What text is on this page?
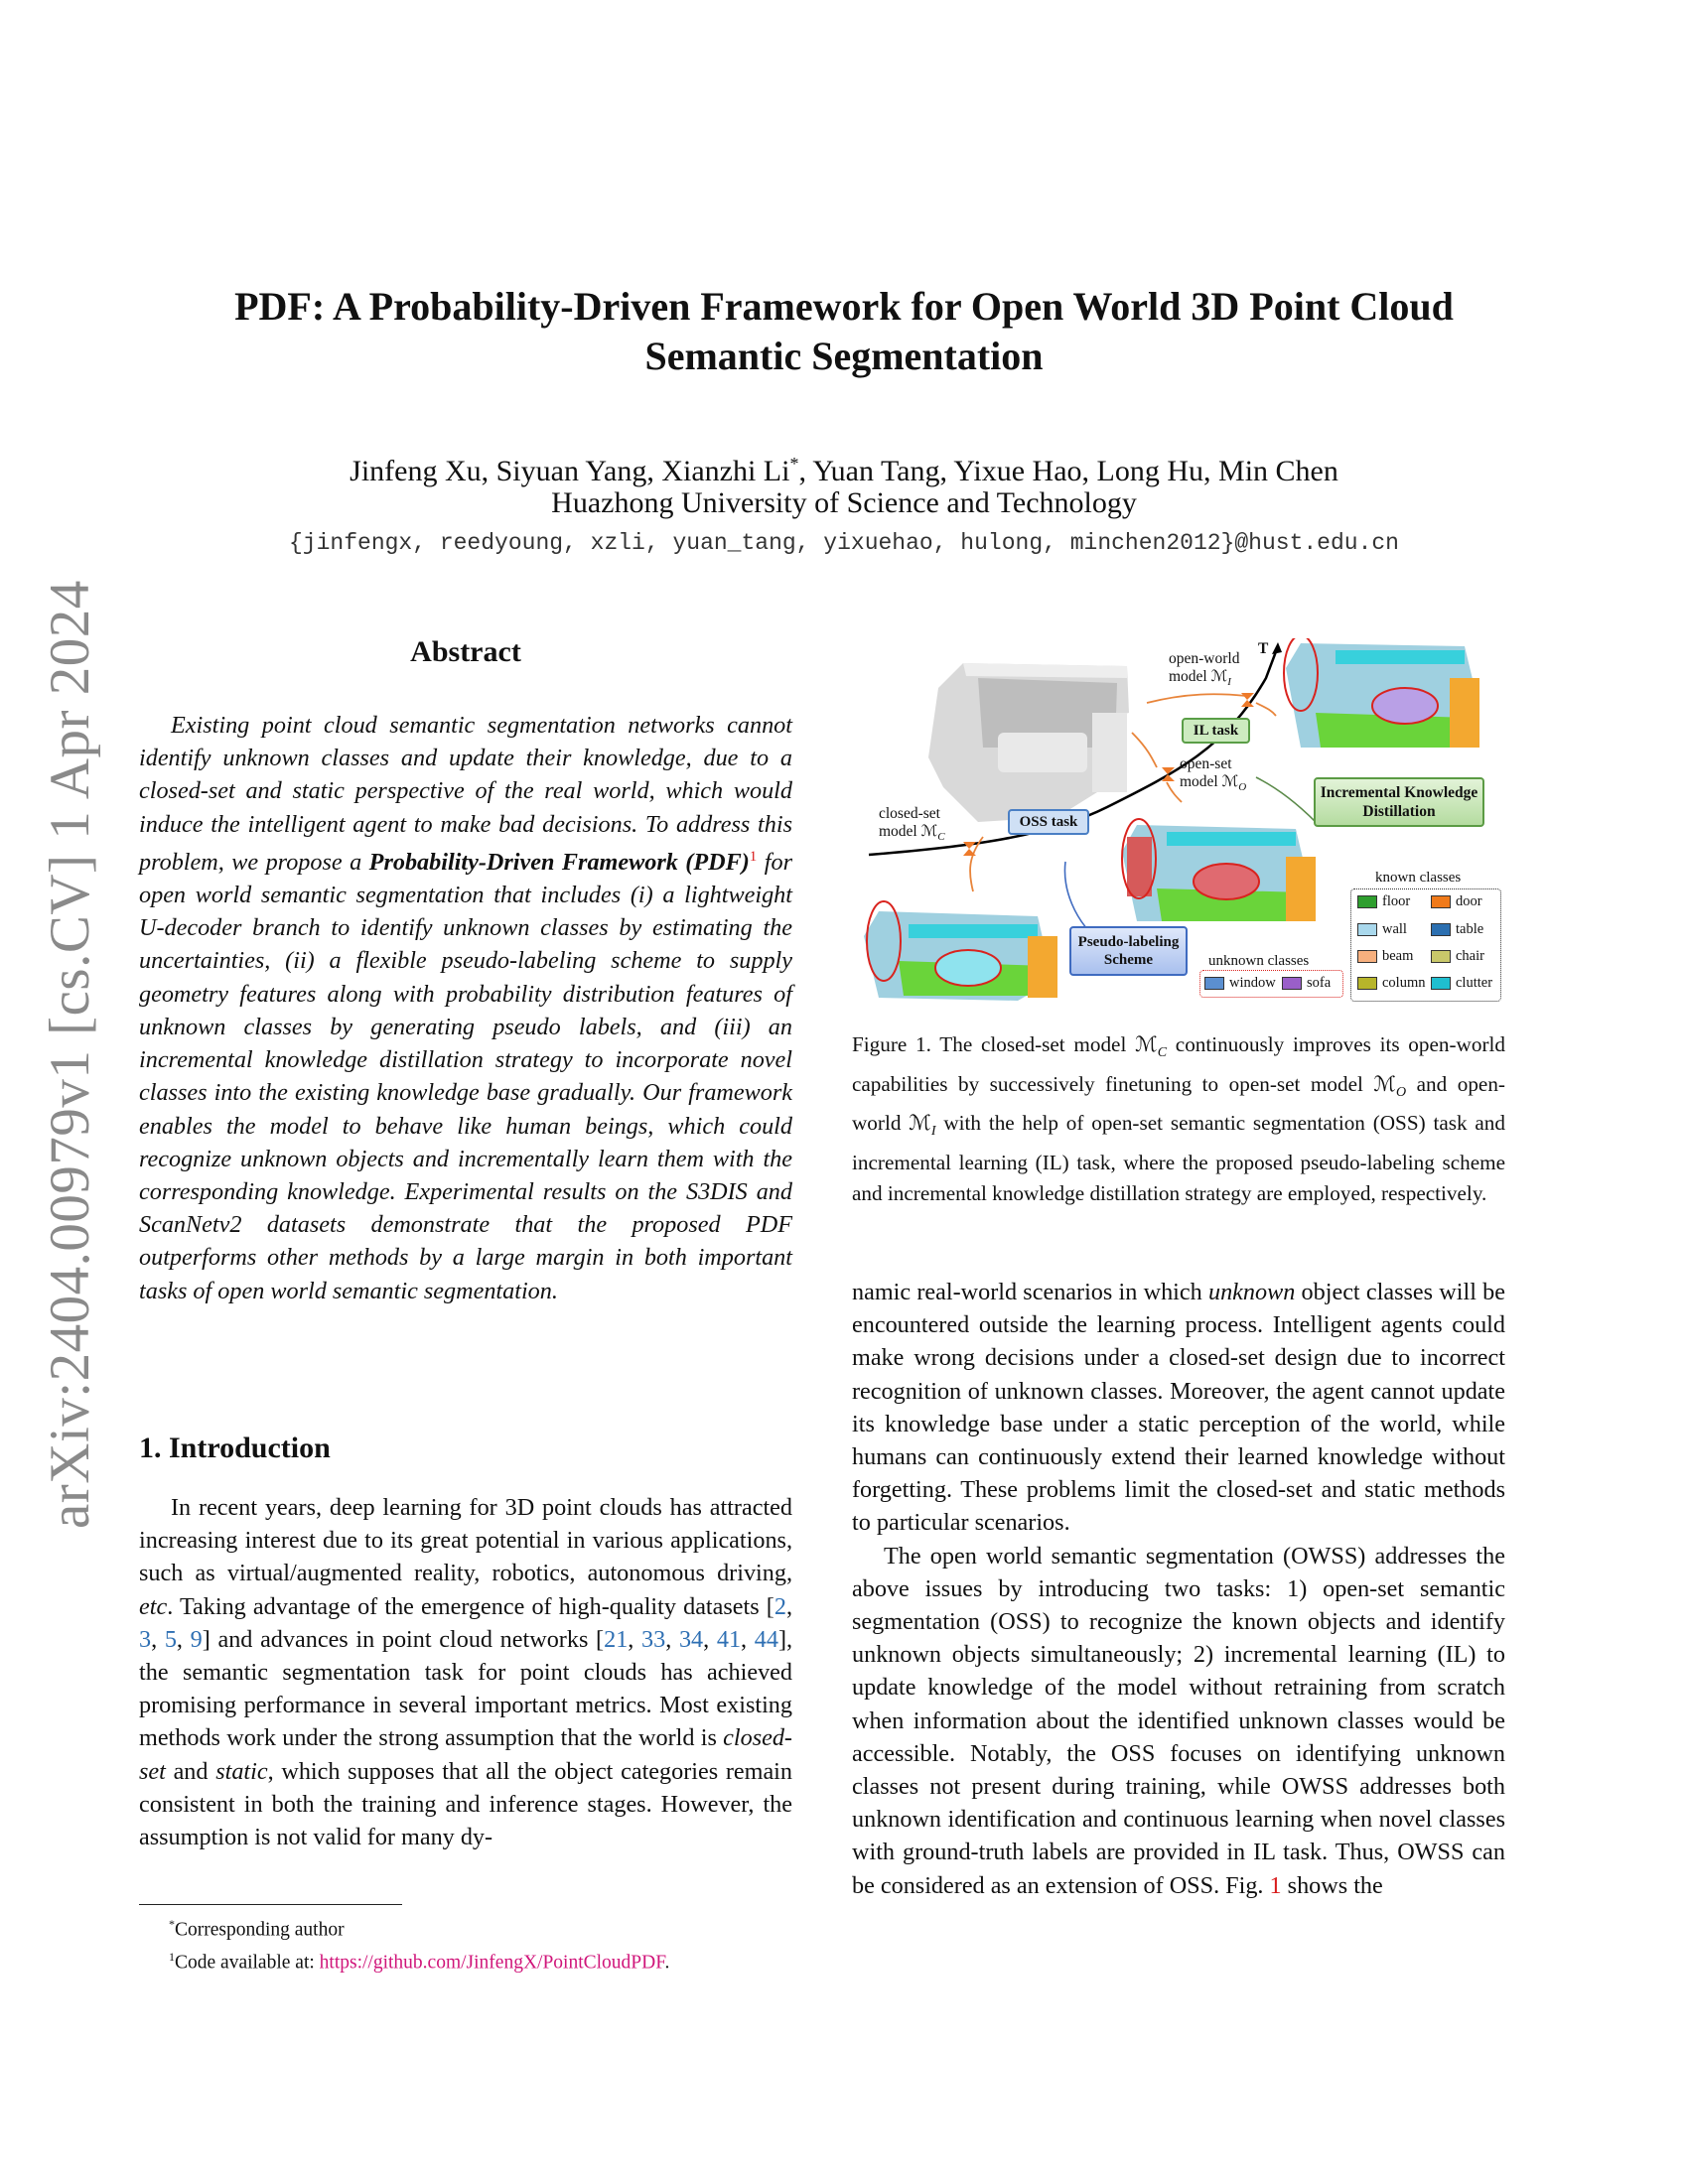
arXiv:2404.00979v1 [cs.CV] 1 Apr 2024
PDF: A Probability-Driven Framework for Open World 3D Point Cloud
Semantic Segmentation
Jinfeng Xu, Siyuan Yang, Xianzhi Li*, Yuan Tang, Yixue Hao, Long Hu, Min Chen
Huazhong University of Science and Technology
{jinfengx, reedyoung, xzli, yuan_tang, yixuehao, hulong, minchen2012}@hust.edu.cn
Abstract
Existing point cloud semantic segmentation networks cannot identify unknown classes and update their knowledge, due to a closed-set and static perspective of the real world, which would induce the intelligent agent to make bad decisions. To address this problem, we propose a Probability-Driven Framework (PDF)$^1$ for open world semantic segmentation that includes (i) a lightweight U-decoder branch to identify unknown classes by estimating the uncertainties, (ii) a flexible pseudo-labeling scheme to supply geometry features along with probability distribution features of unknown classes by generating pseudo labels, and (iii) an incremental knowledge distillation strategy to incorporate novel classes into the existing knowledge base gradually. Our framework enables the model to behave like human beings, which could recognize unknown objects and incrementally learn them with the corresponding knowledge. Experimental results on the S3DIS and ScanNetv2 datasets demonstrate that the proposed PDF outperforms other methods by a large margin in both important tasks of open world semantic segmentation.
1. Introduction
In recent years, deep learning for 3D point clouds has attracted increasing interest due to its great potential in various applications, such as virtual/augmented reality, robotics, autonomous driving, etc. Taking advantage of the emergence of high-quality datasets [2, 3, 5, 9] and advances in point cloud networks [21, 33, 34, 41, 44], the semantic segmentation task for point clouds has achieved promising performance in several important metrics. Most existing methods work under the strong assumption that the world is closed-set and static, which supposes that all the object categories remain consistent in both the training and inference stages. However, the assumption is not valid for many dy-
*Corresponding author
$^1$Code available at: https://github.com/JinfengX/PointCloudPDF.
T
open-world
model ℳ$_I$
open-set
model ℳ$_O$
closed-set
model ℳ$_C$
IL task
OSS task
Incremental Knowledge
Distillation
Pseudo-labeling
Scheme
known classes
floor	door
wall	table
beam	chair
column clutter
unknown classes
window sofa
Figure 1. The closed-set model ℳ$_C$ continuously improves its open-world capabilities by successively finetuning to open-set model ℳ$_O$ and open-world ℳ$_I$ with the help of open-set semantic segmentation (OSS) task and incremental learning (IL) task, where the proposed pseudo-labeling scheme and incremental knowledge distillation strategy are employed, respectively.

namic real-world scenarios in which unknown object classes will be encountered outside the learning process. Intelligent agents could make wrong decisions under a closed-set design due to incorrect recognition of unknown classes. Moreover, the agent cannot update its knowledge base under a static perception of the world, while humans can continuously extend their learned knowledge without forgetting. These problems limit the closed-set and static methods to particular scenarios.

The open world semantic segmentation (OWSS) addresses the above issues by introducing two tasks: 1) open-set semantic segmentation (OSS) to recognize the known objects and identify unknown objects simultaneously; 2) incremental learning (IL) to update knowledge of the model without retraining from scratch when information about the identified unknown classes would be accessible. Notably, the OSS focuses on identifying unknown classes not present during training, while OWSS addresses both unknown identification and continuous learning when novel classes with ground-truth labels are provided in IL task. Thus, OWSS can be considered as an extension of OSS. Fig. 1 shows the
